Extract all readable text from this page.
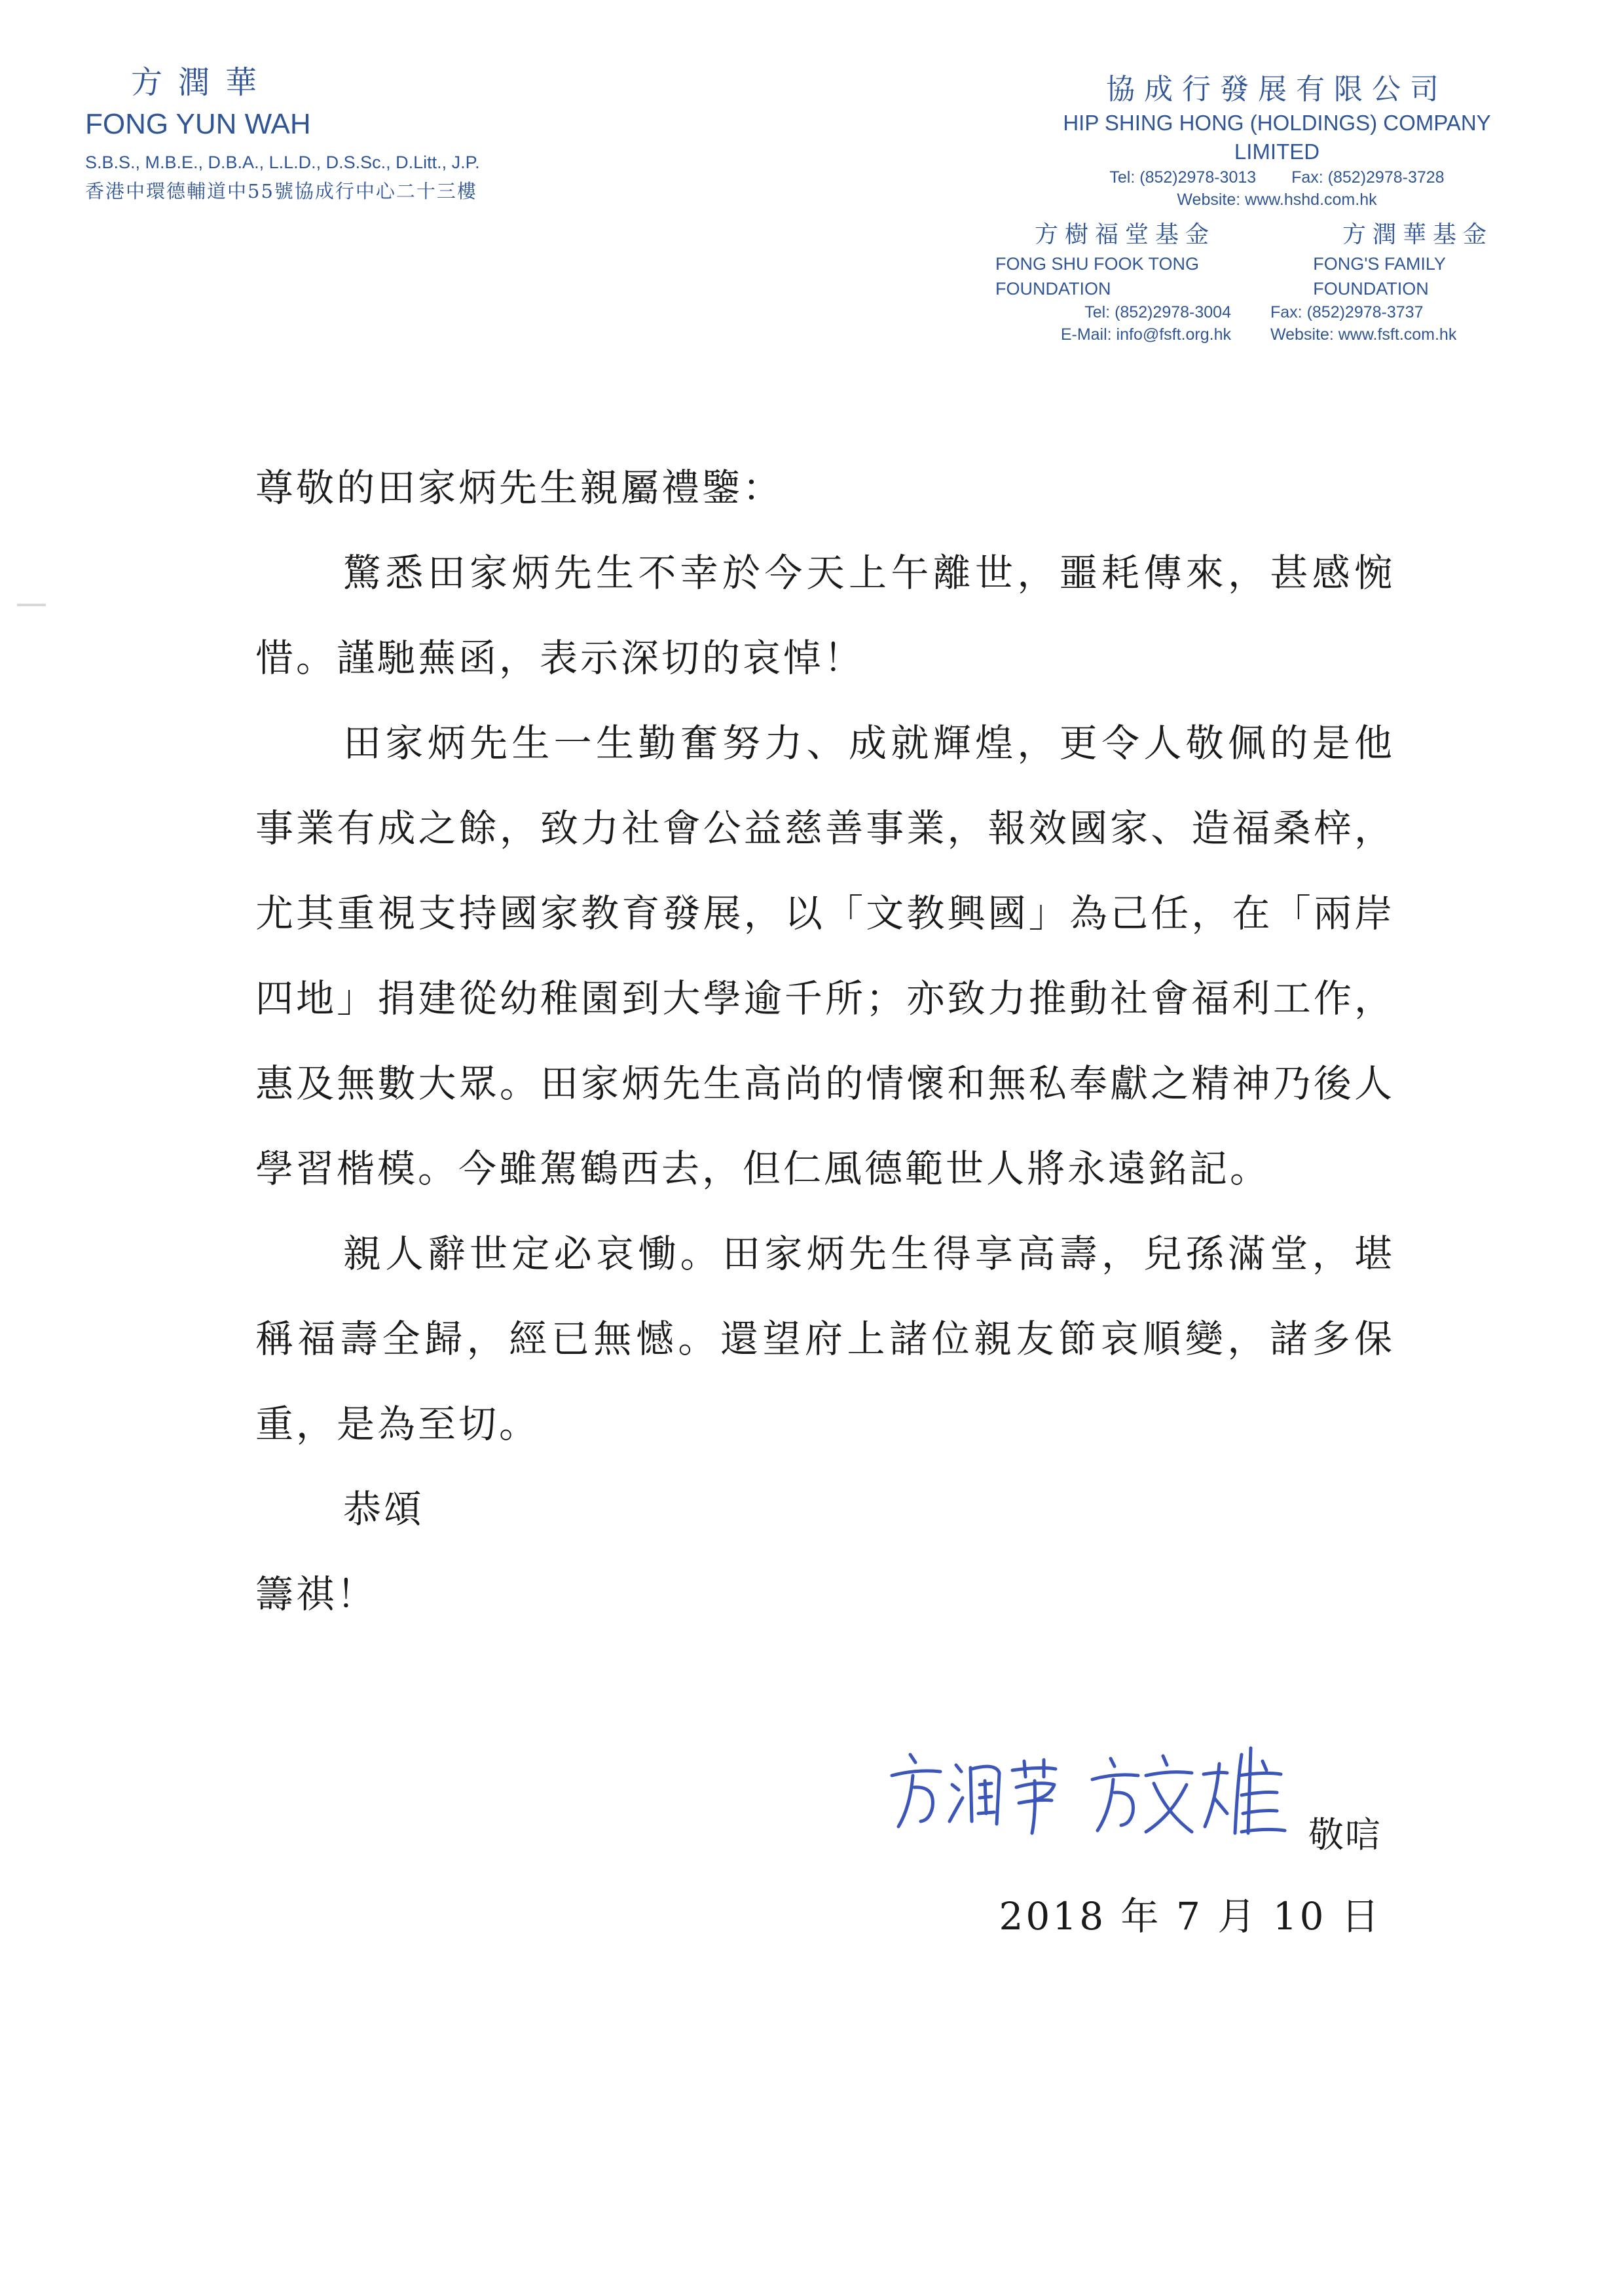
方潤華
FONG YUN WAH
S.B.S., M.B.E., D.B.A., L.L.D., D.S.Sc., D.Litt., J.P.
香港中環德輔道中55號協成行中心二十三樓
協成行發展有限公司
HIP SHING HONG (HOLDINGS) COMPANY LIMITED
Tel: (852)2978-3013 Fax: (852)2978-3728
Website: www.hshd.com.hk
方樹福堂基金	方潤華基金
FONG SHU FOOK TONG FOUNDATION
FONG'S FAMILY FOUNDATION
Tel: (852)2978-3004 Fax: (852)2978-3737
E-Mail: info@fsft.org.hk Website: www.fsft.com.hk
尊敬的田家炳先生親屬禮鑒：
驚悉田家炳先生不幸於今天上午離世，噩耗傳來，甚感惋惜。謹馳蕪函，表示深切的哀悼！
田家炳先生一生勤奮努力、成就輝煌，更令人敬佩的是他事業有成之餘，致力社會公益慈善事業，報效國家、造福桑梓，尤其重視支持國家教育發展，以「文教興國」為己任，在「兩岸四地」捐建從幼稚園到大學逾千所；亦致力推動社會福利工作，惠及無數大眾。田家炳先生高尚的情懷和無私奉獻之精神乃後人學習楷模。今雖駕鶴西去，但仁風德範世人將永遠銘記。
親人辭世定必哀慟。田家炳先生得享高壽，兒孫滿堂，堪稱福壽全歸，經已無憾。還望府上諸位親友節哀順變，諸多保重，是為至切。
恭頌
籌祺！
敬唁
2018 年 7 月 10 日
